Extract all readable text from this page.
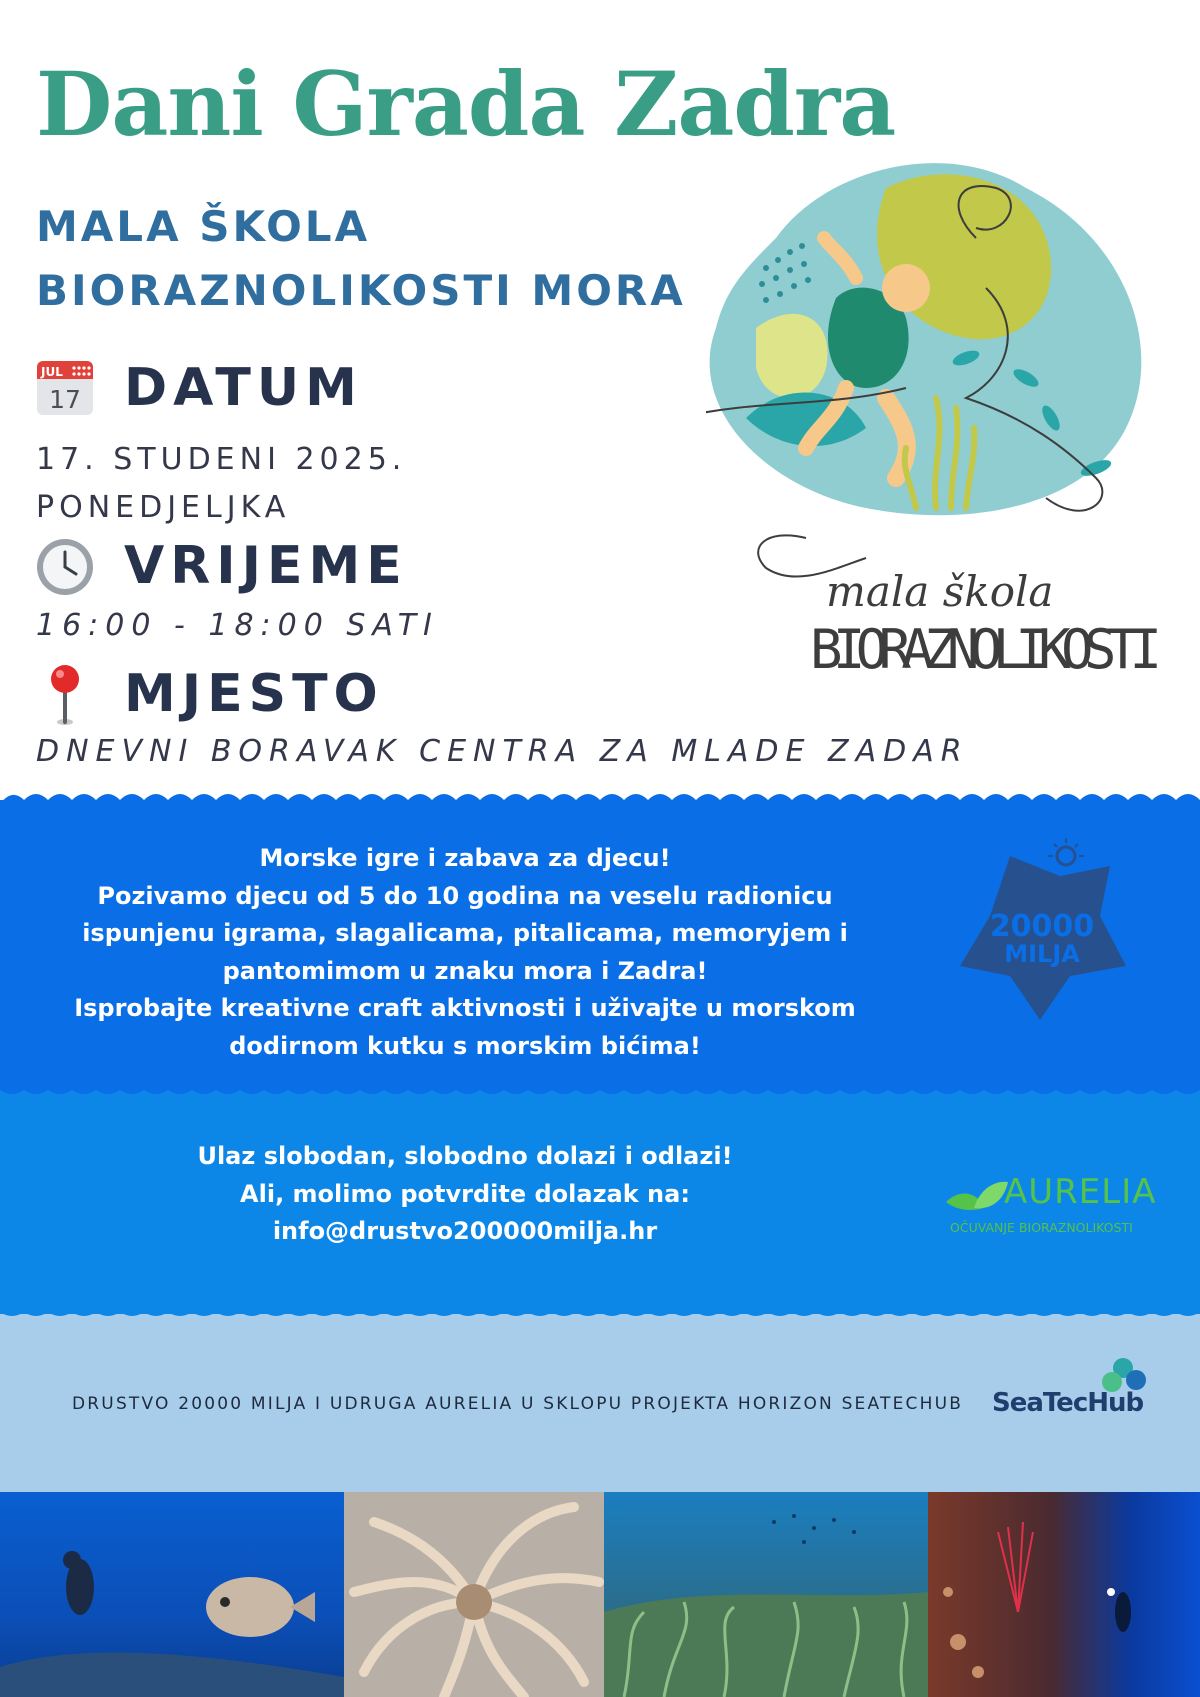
Dani Grada Zadra
MALA ŠKOLA
BIORAZNOLIKOSTI MORA
JUL
17 DATUM
17. STUDENI 2025.
PONEDJELJKA
VRIJEME
16:00 - 18:00 SATI
MJESTO
DNEVNI BORAVAK CENTRA ZA MLADE ZADAR
mala škola
BIORAZNOLIKOSTI
Morske igre i zabava za djecu!
Pozivamo djecu od 5 do 10 godina na veselu radionicu
ispunjenu igrama, slagalicama, pitalicama, memoryjem i
pantomimom u znaku mora i Zadra!
Isprobajte kreativne craft aktivnosti i uživajte u morskom
dodirnom kutku s morskim bićima!
20000
MILJA
Ulaz slobodan, slobodno dolazi i odlazi!
Ali, molimo potvrdite dolazak na:
info@drustvo200000milja.hr
AURELIA
OČUVANJE BIORAZNOLIKOSTI
DRUSTVO 20000 MILJA I UDRUGA AURELIA U SKLOPU PROJEKTA HORIZON SEATECHUB SeaTecHub
